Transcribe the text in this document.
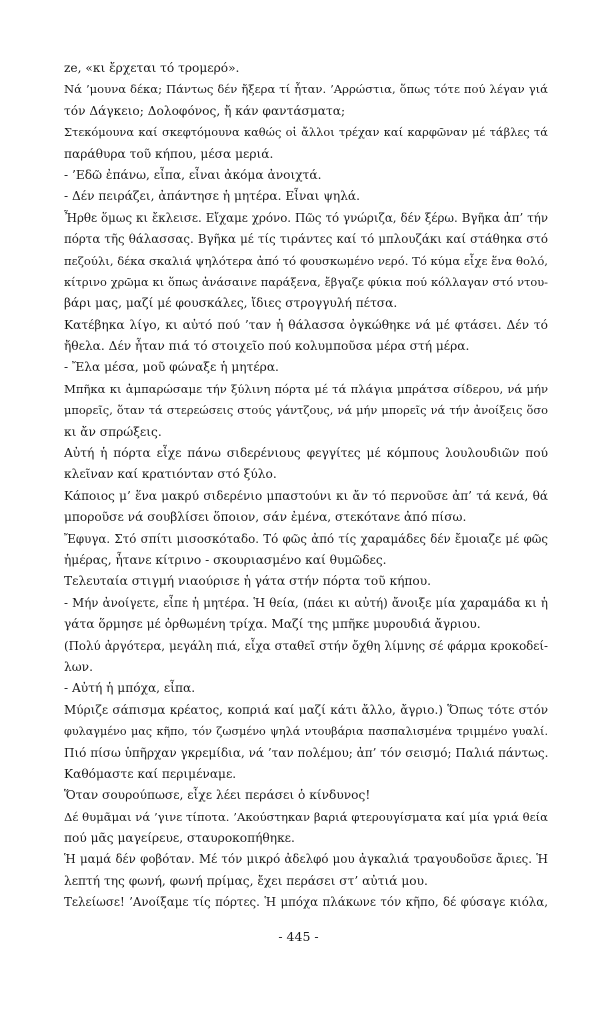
ze, «κι ἔρχεται τό τρομερό».
Νά ’μουνα δέκα; Πάντως δέν ἤξερα τί ἦταν. ’Αρρώστια, ὅπως τότε πού λέγαν γιά
τόν Δάγκειο; Δολοφόνος, ἤ κάν φαντάσματα;
Στεκόμουνα καί σκεφτόμουνα καθώς οἱ ἄλλοι τρέχαν καί καρφῶναν μέ τάβλες τά
παράθυρα τοῦ κήπου, μέσα μεριά.
- ’Εδῶ ἐπάνω, εἶπα, εἶναι ἀκόμα ἀνοιχτά.
- Δέν πειράζει, ἀπάντησε ἡ μητέρα. Εἶναι ψηλά.
Ἦρθε ὅμως κι ἔκλεισε. Εἴχαμε χρόνο. Πῶς τό γνώριζα, δέν ξέρω. Βγῆκα ἀπ’ τήν
πόρτα τῆς θάλασσας. Βγῆκα μέ τίς τιράντες καί τό μπλουζάκι καί στάθηκα στό
πεζούλι, δέκα σκαλιά ψηλότερα ἀπό τό φουσκωμένο νερό. Τό κύμα εἶχε ἕνα θολό,
κίτρινο χρῶμα κι ὅπως ἀνάσαινε παράξενα, ἔβγαζε φύκια πού κόλλαγαν στό ντου-
βάρι μας, μαζί μέ φουσκάλες, ἴδιες στρογγυλή πέτσα.
Κατέβηκα λίγο, κι αὐτό πού ’ταν ἡ θάλασσα ὀγκώθηκε νά μέ φτάσει. Δέν τό
ἤθελα. Δέν ἦταν πιά τό στοιχεῖο πού κολυμποῦσα μέρα στή μέρα.
- Ἔλα μέσα, μοῦ φώναξε ἡ μητέρα.
Μπῆκα κι ἀμπαρώσαμε τήν ξύλινη πόρτα μέ τά πλάγια μπράτσα σίδερου, νά μήν
μπορεῖς, ὅταν τά στερεώσεις στούς γάντζους, νά μήν μπορεῖς νά τήν ἀνοίξεις ὅσο
κι ἄν σπρώξεις.
Αὐτή ἡ πόρτα εἶχε πάνω σιδερένιους φεγγίτες μέ κόμπους λουλουδιῶν πού
κλεῖναν καί κρατιόνταν στό ξύλο.
Κάποιος μ’ ἕνα μακρύ σιδερένιο μπαστούνι κι ἄν τό περνοῦσε ἀπ’ τά κενά, θά
μποροῦσε νά σουβλίσει ὅποιον, σάν ἐμένα, στεκότανε ἀπό πίσω.
Ἔφυγα. Στό σπίτι μισοσκόταδο. Τό φῶς ἀπό τίς χαραμάδες δέν ἔμοιαζε μέ φῶς
ἡμέρας, ἦτανε κίτρινο - σκουριασμένο καί θυμῶδες.
Τελευταία στιγμή νιαούρισε ἡ γάτα στήν πόρτα τοῦ κήπου.
- Μήν ἀνοίγετε, εἶπε ἡ μητέρα. Ἡ θεία, (πάει κι αὐτή) ἄνοιξε μία χαραμάδα κι ἡ
γάτα ὅρμησε μέ ὀρθωμένη τρίχα. Μαζί της μπῆκε μυρουδιά ἄγριου.
(Πολύ ἀργότερα, μεγάλη πιά, εἶχα σταθεῖ στήν ὄχθη λίμνης σέ φάρμα κροκοδεί-
λων.
- Αὐτή ἡ μπόχα, εἶπα.
Μύριζε σάπισμα κρέατος, κοπριά καί μαζί κάτι ἄλλο, ἄγριο.) Ὅπως τότε στόν
φυλαγμένο μας κῆπο, τόν ζωσμένο ψηλά ντουβάρια πασπαλισμένα τριμμένο γυαλί.
Πιό πίσω ὑπῆρχαν γκρεμίδια, νά ’ταν πολέμου; ἀπ’ τόν σεισμό; Παλιά πάντως.
Καθόμαστε καί περιμέναμε.
Ὅταν σουρούπωσε, εἶχε λέει περάσει ὁ κίνδυνος!
Δέ θυμᾶμαι νά ’γινε τίποτα. ’Ακούστηκαν βαριά φτερουγίσματα καί μία γριά θεία
πού μᾶς μαγείρευε, σταυροκοπήθηκε.
Ἡ μαμά δέν φοβόταν. Μέ τόν μικρό ἀδελφό μου ἀγκαλιά τραγουδοῦσε ἄριες. Ἡ
λεπτή της φωνή, φωνή πρίμας, ἔχει περάσει στ’ αὐτιά μου.
Τελείωσε! ’Ανοίξαμε τίς πόρτες. Ἡ μπόχα πλάκωνε τόν κῆπο, δέ φύσαγε κιόλα,
- 445 -
